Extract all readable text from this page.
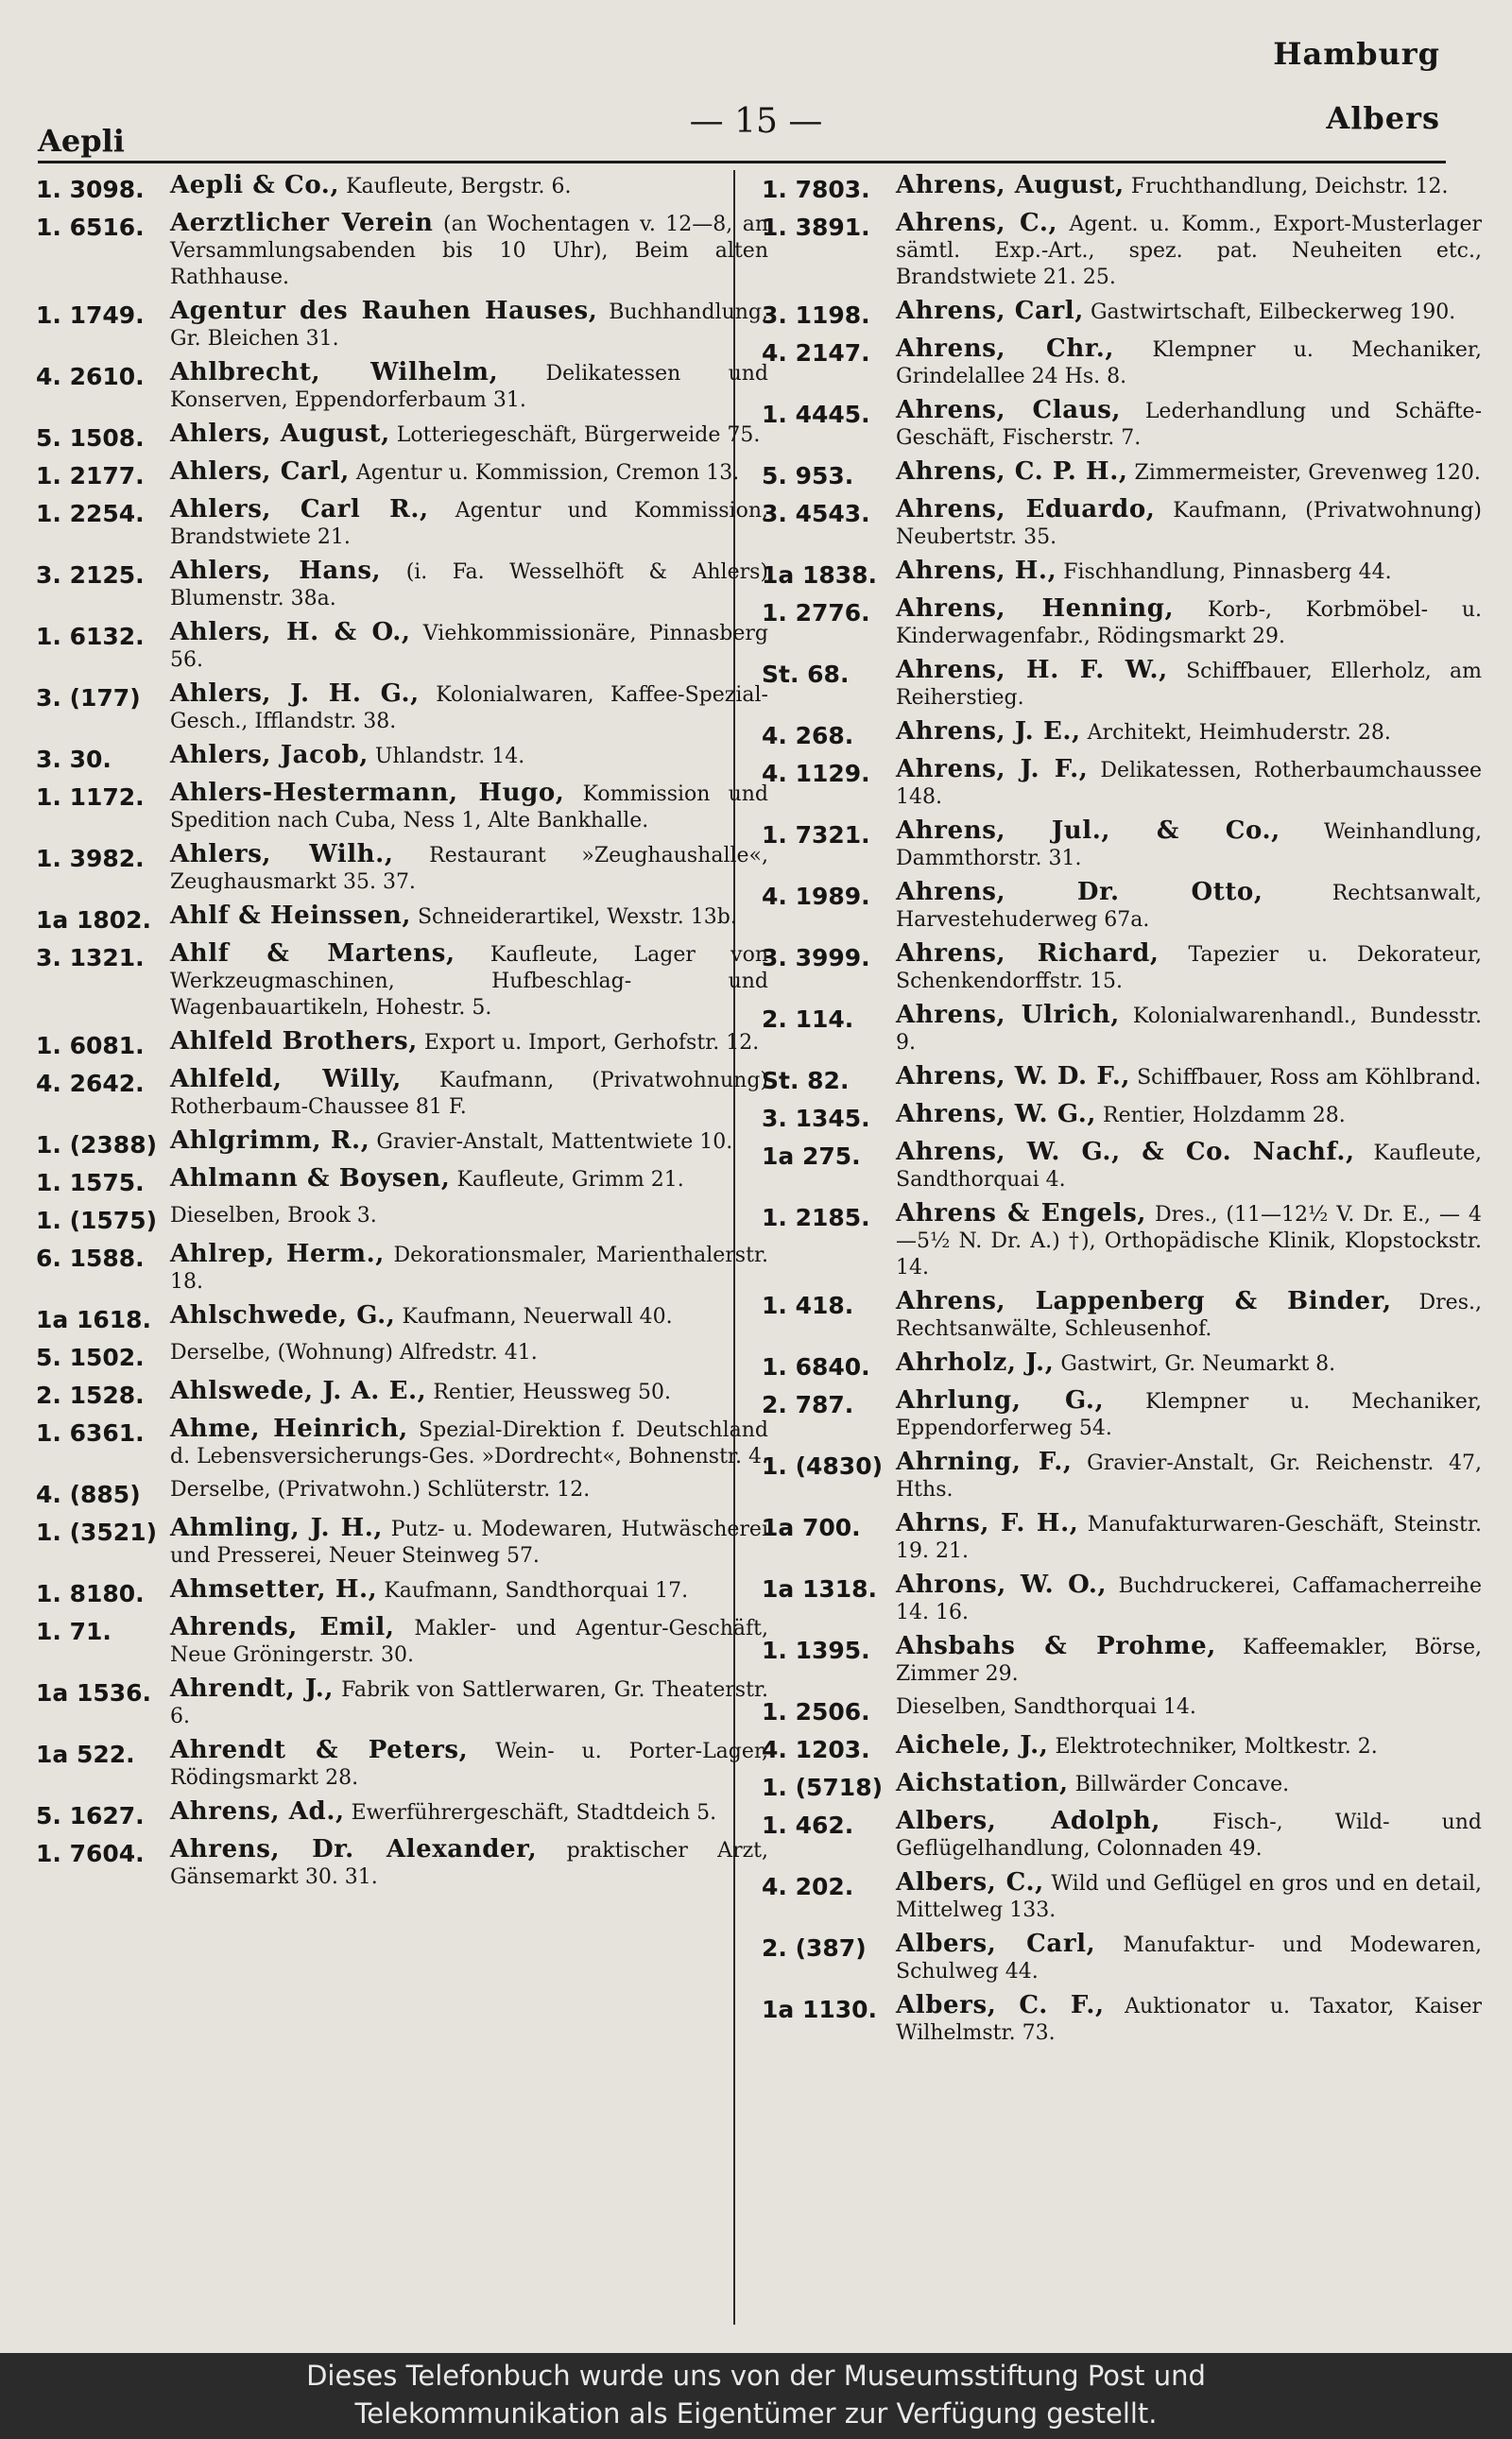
Hamburg
— 15 —
Aepli
Albers
1. 3098.	Aepli & Co., Kaufleute, Bergstr. 6.
1. 6516.	Aerztlicher Verein (an Wochentagen v. 12—8, an Versammlungsabenden bis 10 Uhr), Beim alten Rathhause.
1. 1749.	Agentur des Rauhen Hauses, Buchhandlung, Gr. Bleichen 31.
4. 2610.	Ahlbrecht, Wilhelm, Delikatessen und Konserven, Eppendorferbaum 31.
5. 1508.	Ahlers, August, Lotteriegeschäft, Bürgerweide 75.
1. 2177.	Ahlers, Carl, Agentur u. Kommission, Cremon 13.
1. 2254.	Ahlers, Carl R., Agentur und Kommission, Brandstwiete 21.
3. 2125.	Ahlers, Hans, (i. Fa. Wesselhöft & Ahlers) Blumenstr. 38a.
1. 6132.	Ahlers, H. & O., Viehkommissionäre, Pinnasberg 56.
3. (177)	Ahlers, J. H. G., Kolonialwaren, Kaffee-Spezial-Gesch., Ifflandstr. 38.
3. 30.	Ahlers, Jacob, Uhlandstr. 14.
1. 1172.	Ahlers-Hestermann, Hugo, Kommission und Spedition nach Cuba, Ness 1, Alte Bankhalle.
1. 3982.	Ahlers, Wilh., Restaurant »Zeughaushalle«, Zeughausmarkt 35. 37.
1a 1802. Ahlf & Heinssen, Schneiderartikel, Wexstr. 13b.
3. 1321.	Ahlf & Martens, Kaufleute, Lager von Werkzeugmaschinen, Hufbeschlag- und Wagenbauartikeln, Hohestr. 5.
1. 6081.	Ahlfeld Brothers, Export u. Import, Gerhofstr. 12.
4. 2642.	Ahlfeld, Willy, Kaufmann, (Privatwohnung) Rotherbaum-Chaussee 81 F.
1. (2388) Ahlgrimm, R., Gravier-Anstalt, Mattentwiete 10.
1. 1575.	Ahlmann & Boysen, Kaufleute, Grimm 21.
1. (1575) Dieselben, Brook 3.
6. 1588.	Ahlrep, Herm., Dekorationsmaler, Marienthalerstr. 18.
1a 1618. Ahlschwede, G., Kaufmann, Neuerwall 40.
5. 1502.	Derselbe, (Wohnung) Alfredstr. 41.
2. 1528.	Ahlswede, J. A. E., Rentier, Heussweg 50.
1. 6361.	Ahme, Heinrich, Spezial-Direktion f. Deutschland d. Lebensversicherungs-Ges. »Dordrecht«, Bohnenstr. 4.
4. (885)	Derselbe, (Privatwohn.) Schlüterstr. 12.
1. (3521) Ahmling, J. H., Putz- u. Modewaren, Hutwäscherei und Presserei, Neuer Steinweg 57.
1. 8180.	Ahmsetter, H., Kaufmann, Sandthorquai 17.
1. 71.	Ahrends, Emil, Makler- und Agentur-Geschäft, Neue Gröningerstr. 30.
1a 1536. Ahrendt, J., Fabrik von Sattlerwaren, Gr. Theaterstr. 6.
1a 522.	Ahrendt & Peters, Wein- u. Porter-Lager, Rödingsmarkt 28.
5. 1627.	Ahrens, Ad., Ewerführergeschäft, Stadtdeich 5.
1. 7604.	Ahrens, Dr. Alexander, praktischer Arzt, Gänsemarkt 30. 31.
1. 7803.	Ahrens, August, Fruchthandlung, Deichstr. 12.
1. 3891.	Ahrens, C., Agent. u. Komm., Export-Musterlager sämtl. Exp.-Art., spez. pat. Neuheiten etc., Brandstwiete 21. 25.
3. 1198.	Ahrens, Carl, Gastwirtschaft, Eilbeckerweg 190.
4. 2147.	Ahrens, Chr., Klempner u. Mechaniker, Grindelallee 24 Hs. 8.
1. 4445.	Ahrens, Claus, Lederhandlung und Schäfte-Geschäft, Fischerstr. 7.
5. 953.	Ahrens, C. P. H., Zimmermeister, Grevenweg 120.
3. 4543.	Ahrens, Eduardo, Kaufmann, (Privatwohnung) Neubertstr. 35.
1a 1838. Ahrens, H., Fischhandlung, Pinnasberg 44.
1. 2776.	Ahrens, Henning, Korb-, Korbmöbel- u. Kinderwagenfabr., Rödingsmarkt 29.
St. 68.	Ahrens, H. F. W., Schiffbauer, Ellerholz, am Reiherstieg.
4. 268.	Ahrens, J. E., Architekt, Heimhuderstr. 28.
4. 1129.	Ahrens, J. F., Delikatessen, Rotherbaumchaussee 148.
1. 7321.	Ahrens, Jul., & Co., Weinhandlung, Dammthorstr. 31.
4. 1989.	Ahrens, Dr. Otto,	Rechtsanwalt, Harvestehuderweg 67a.
3. 3999.	Ahrens, Richard, Tapezier u. Dekorateur, Schenkendorffstr. 15.
2. 114.	Ahrens, Ulrich, Kolonialwarenhandl., Bundesstr. 9.
St. 82.	Ahrens, W. D. F., Schiffbauer, Ross am Köhlbrand.
3. 1345.	Ahrens, W. G., Rentier, Holzdamm 28.
1a 275.	Ahrens, W. G., & Co. Nachf., Kaufleute, Sandthorquai 4.
1. 2185.	Ahrens & Engels, Dres., (11—12½ V. Dr. E., — 4—5½ N. Dr. A.) †), Orthopädische Klinik, Klopstockstr. 14.
1. 418.	Ahrens, Lappenberg & Binder, Dres., Rechtsanwälte, Schleusenhof.
1. 6840.	Ahrholz, J., Gastwirt, Gr. Neumarkt 8.
2. 787.	Ahrlung, G., Klempner u. Mechaniker, Eppendorferweg 54.
1. (4830) Ahrning, F., Gravier-Anstalt, Gr. Reichenstr. 47, Hths.
1a 700.	Ahrns, F. H., Manufakturwaren-Geschäft, Steinstr. 19. 21.
1a 1318. Ahrons, W. O., Buchdruckerei, Caffamacherreihe 14. 16.
1. 1395.	Ahsbahs & Prohme, Kaffeemakler, Börse, Zimmer 29.
1. 2506.	Dieselben, Sandthorquai 14.
4. 1203.	Aichele, J., Elektrotechniker, Moltkestr. 2.
1. (5718) Aichstation, Billwärder Concave.
1. 462.	Albers, Adolph,	Fisch-, Wild- und Geflügelhandlung, Colonnaden 49.
4. 202.	Albers, C., Wild und Geflügel en gros und en detail, Mittelweg 133.
2. (387)	Albers, Carl, Manufaktur- und Modewaren, Schulweg 44.
1a 1130. Albers, C. F., Auktionator u. Taxator, Kaiser Wilhelmstr. 73.
Dieses Telefonbuch wurde uns von der Museumsstiftung Post und
Telekommunikation als Eigentümer zur Verfügung gestellt.
